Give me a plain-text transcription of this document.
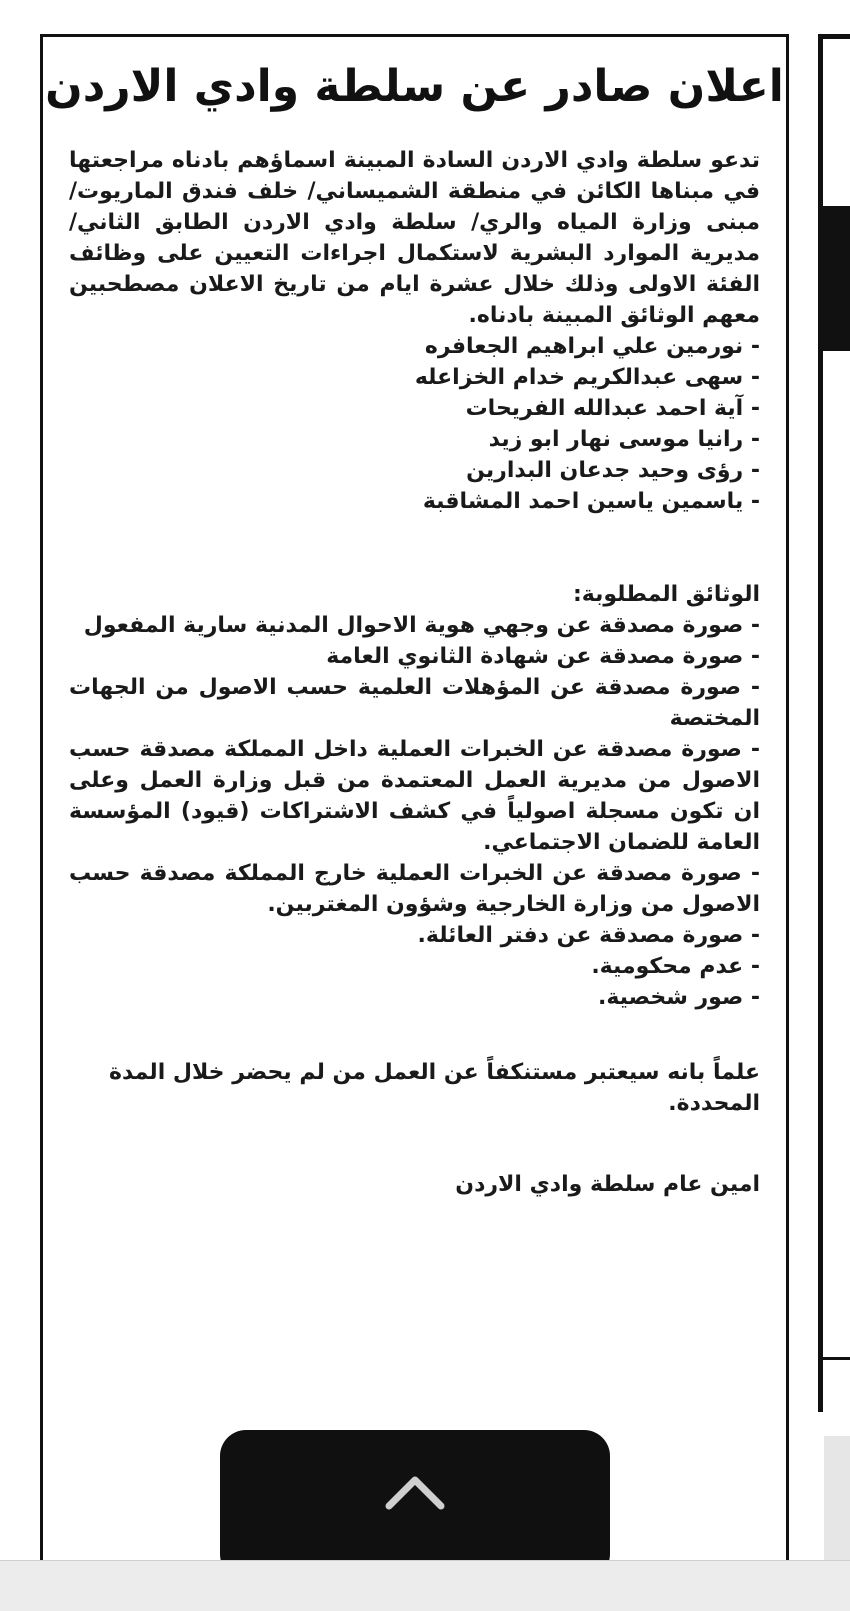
اعلان صادر عن سلطة وادي الاردن

تدعو سلطة وادي الاردن السادة المبينة اسماؤهم بادناه مراجعتها في مبناها الكائن في منطقة الشميساني/ خلف فندق الماريوت/ مبنى وزارة المياه والري/ سلطة وادي الاردن الطابق الثاني/ مديرية الموارد البشرية لاستكمال اجراءات التعيين على وظائف الفئة الاولى وذلك خلال عشرة ايام من تاريخ الاعلان مصطحبين معهم الوثائق المبينة بادناه.

- نورمين علي ابراهيم الجعافره
- سهى عبدالكريم خدام الخزاعله
- آية احمد عبدالله الفريحات
- رانيا موسى نهار ابو زيد
- رؤى وحيد جدعان البدارين
- ياسمين ياسين احمد المشاقبة

الوثائق المطلوبة:

- صورة مصدقة عن وجهي هوية الاحوال المدنية سارية المفعول
- صورة مصدقة عن شهادة الثانوي العامة
- صورة مصدقة عن المؤهلات العلمية حسب الاصول من الجهات المختصة
- صورة مصدقة عن الخبرات العملية داخل المملكة مصدقة حسب الاصول من مديرية العمل المعتمدة من قبل وزارة العمل وعلى ان تكون مسجلة اصولياً في كشف الاشتراكات (قيود) المؤسسة العامة للضمان الاجتماعي.
- صورة مصدقة عن الخبرات العملية خارج المملكة مصدقة حسب الاصول من وزارة الخارجية وشؤون المغتربين.
- صورة مصدقة عن دفتر العائلة.
- عدم محكومية.
- صور شخصية.

علماً بانه سيعتبر مستنكفاً عن العمل من لم يحضر خلال المدة المحددة.

امين عام سلطة وادي الاردن
